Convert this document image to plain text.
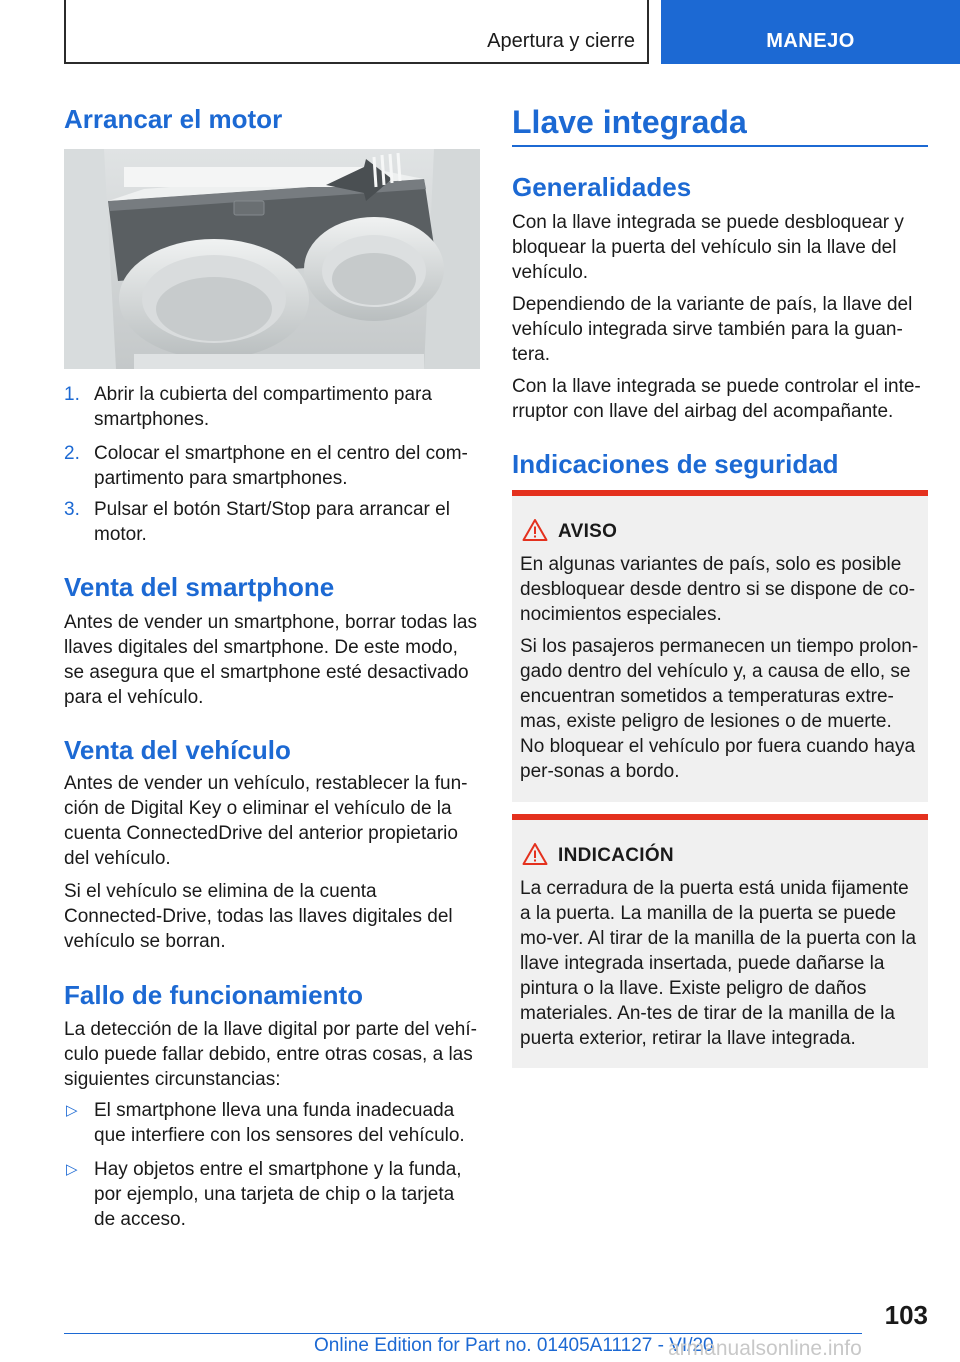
Apertura y cierre	MANEJO
Arrancar el motor
1. Abrir la cubierta del compartimento para smartphones.
2. Colocar el smartphone en el centro del com-partimento para smartphones.
3. Pulsar el botón Start/Stop para arrancar el motor.
Venta del smartphone
Antes de vender un smartphone, borrar todas las llaves digitales del smartphone. De este modo, se asegura que el smartphone esté desactivado para el vehículo.
Venta del vehículo
Antes de vender un vehículo, restablecer la fun-ción de Digital Key o eliminar el vehículo de la cuenta ConnectedDrive del anterior propietario del vehículo.
Si el vehículo se elimina de la cuenta Connected-Drive, todas las llaves digitales del vehículo se borran.
Fallo de funcionamiento
La detección de la llave digital por parte del vehí-culo puede fallar debido, entre otras cosas, a las siguientes circunstancias:
▷ El smartphone lleva una funda inadecuada que interfiere con los sensores del vehículo.
▷ Hay objetos entre el smartphone y la funda, por ejemplo, una tarjeta de chip o la tarjeta de acceso.
Llave integrada
Generalidades
Con la llave integrada se puede desbloquear y bloquear la puerta del vehículo sin la llave del vehículo.
Dependiendo de la variante de país, la llave del vehículo integrada sirve también para la guan-tera.
Con la llave integrada se puede controlar el inte-rruptor con llave del airbag del acompañante.
Indicaciones de seguridad
AVISO
En algunas variantes de país, solo es posible desbloquear desde dentro si se dispone de co-nocimientos especiales.
Si los pasajeros permanecen un tiempo prolon-gado dentro del vehículo y, a causa de ello, se encuentran sometidos a temperaturas extre-mas, existe peligro de lesiones o de muerte. No bloquear el vehículo por fuera cuando haya per-sonas a bordo.
INDICACIÓN
La cerradura de la puerta está unida fijamente a la puerta. La manilla de la puerta se puede mo-ver. Al tirar de la manilla de la puerta con la llave integrada insertada, puede dañarse la pintura o la llave. Existe peligro de daños materiales. An-tes de tirar de la manilla de la puerta exterior, retirar la llave integrada.
103
Online Edition for Part no. 01405A11127 - VI/20
armanualsonline.info
